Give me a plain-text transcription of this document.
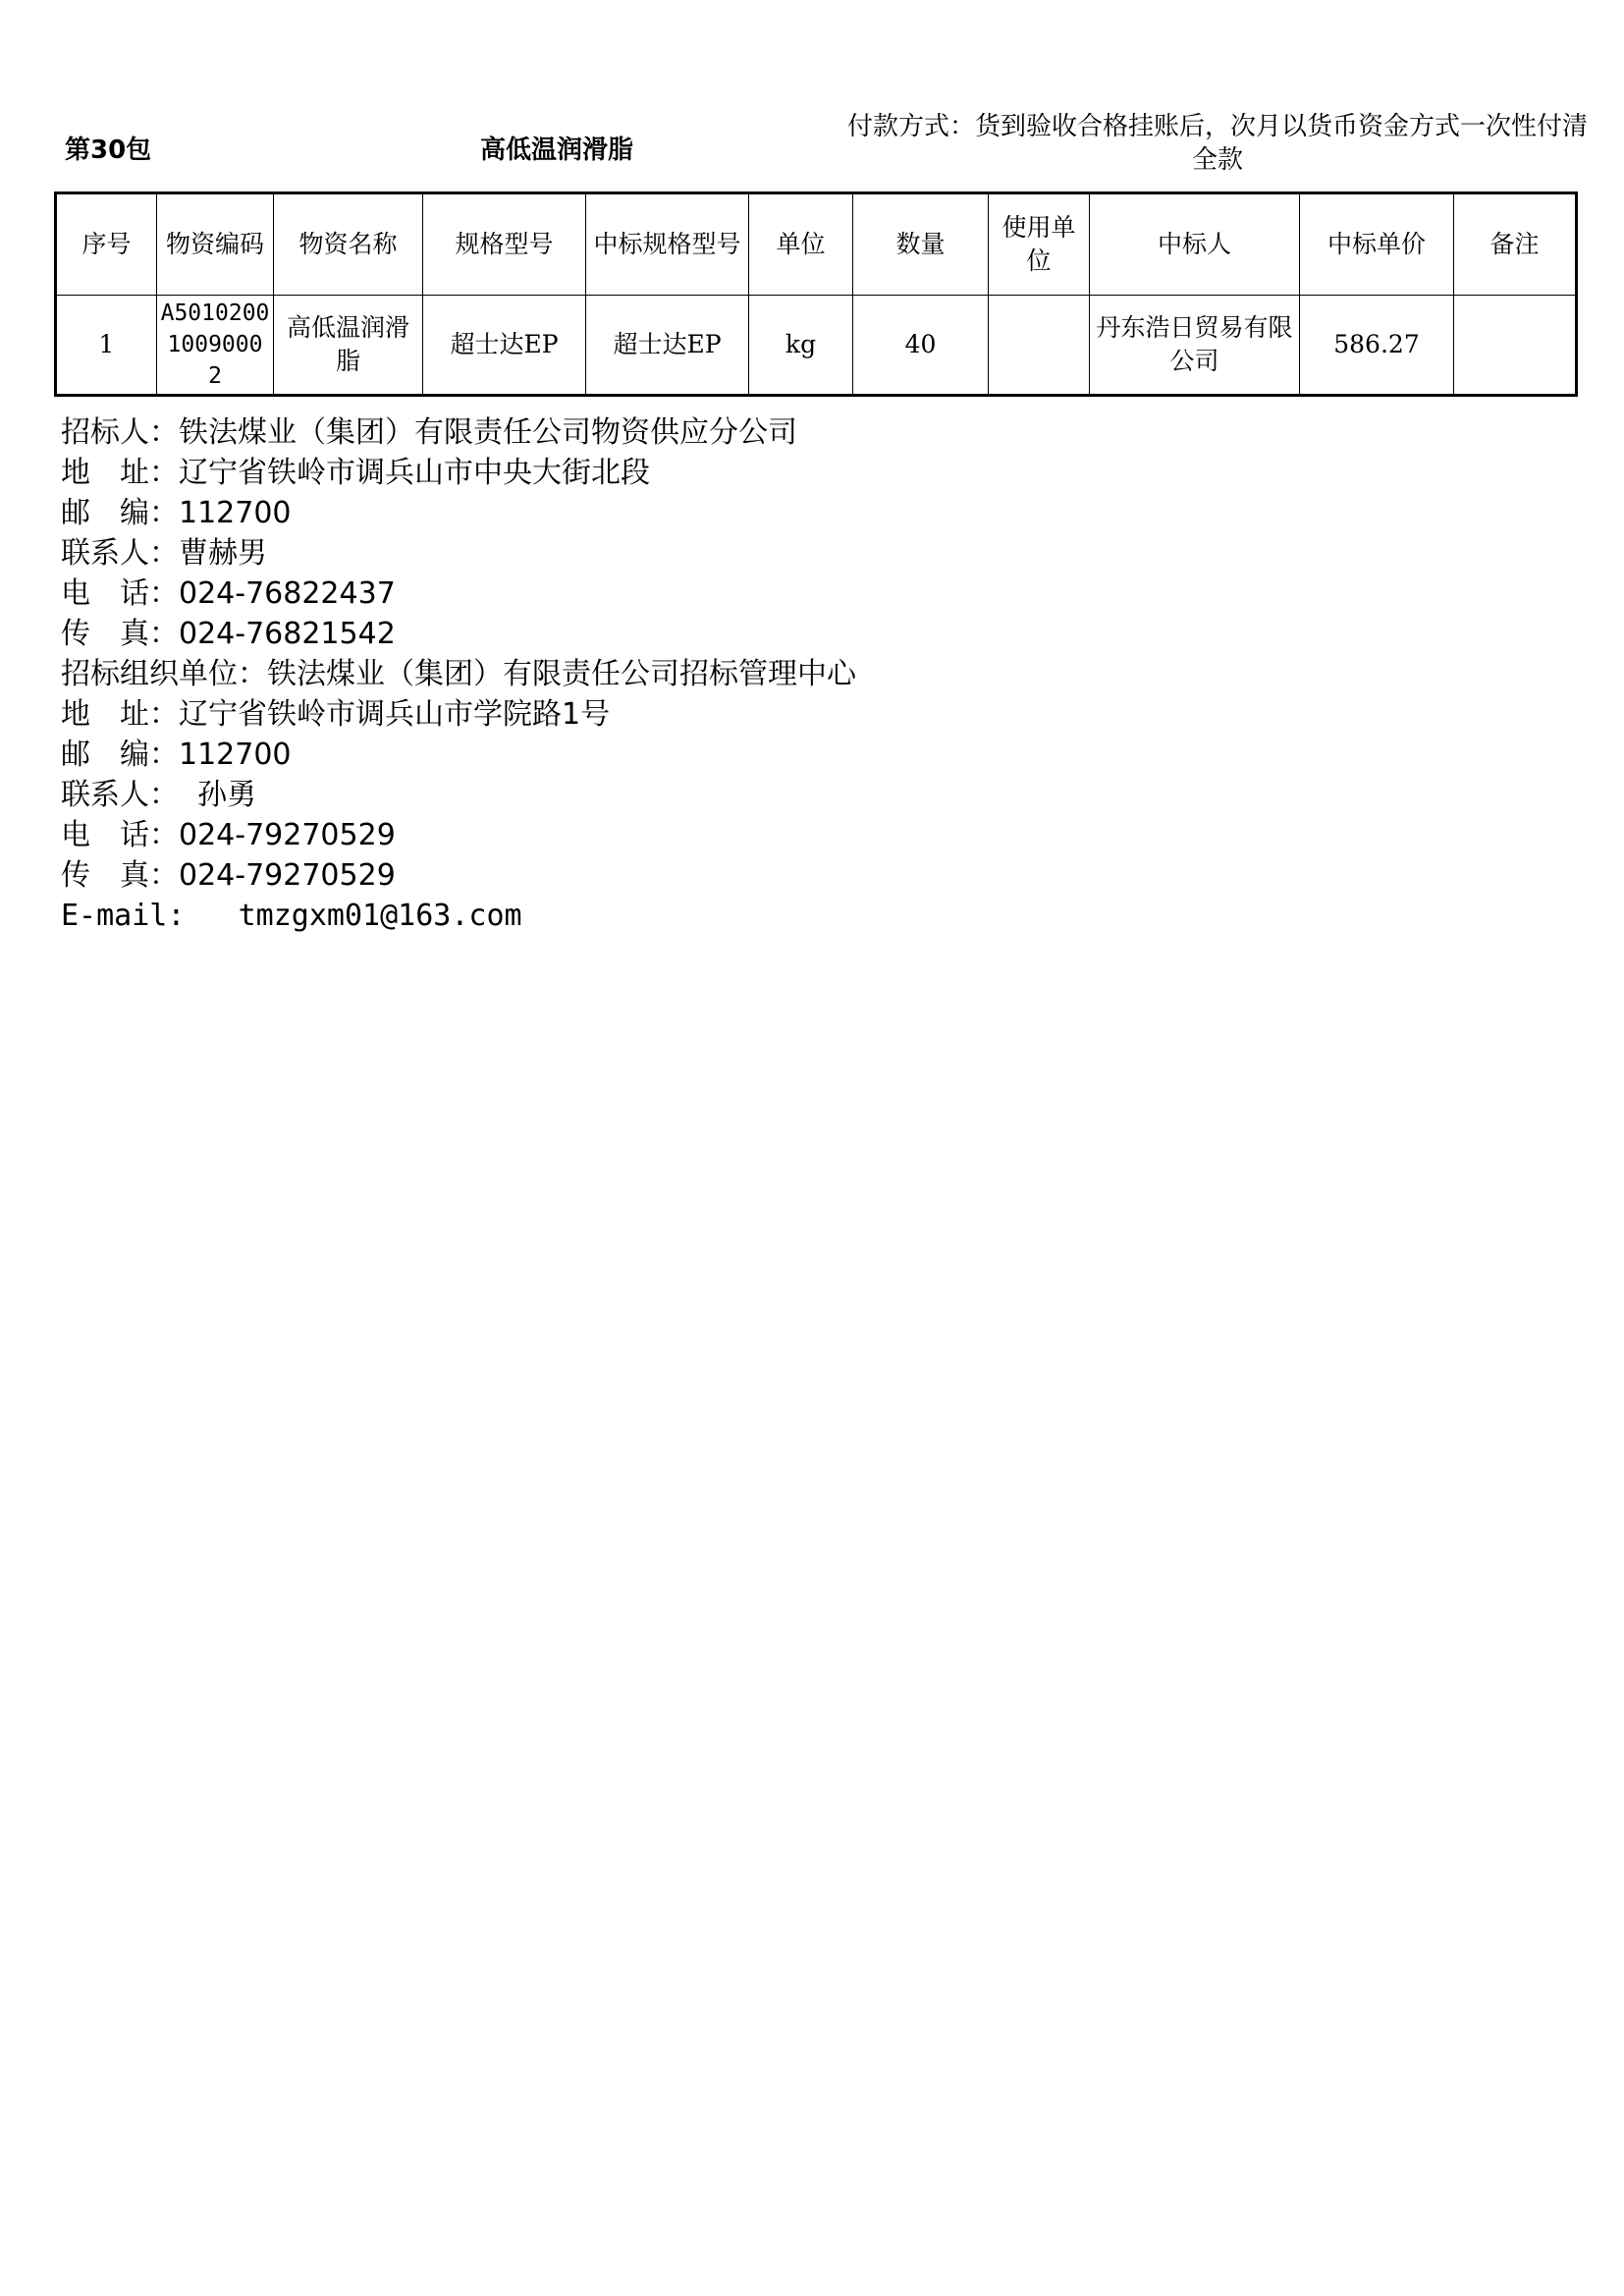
第30包	高低温润滑脂
付款方式：货到验收合格挂账后，次月以货币资金方式一次性付清全款
序号	物资编码	物资名称	规格型号	中标规格型号	单位	数量	使用单位	中标人	中标单价	备注
1	A50102001009000 2	高低温润滑脂	超士达EP	超士达EP	kg	40		丹东浩日贸易有限公司	586.27	
招标人：铁法煤业（集团）有限责任公司物资供应分公司
地　址：辽宁省铁岭市调兵山市中央大街北段
邮　编：112700
联系人：曹赫男
电　话：024-76822437
传　真：024-76821542
招标组织单位：铁法煤业（集团）有限责任公司招标管理中心
地　址：辽宁省铁岭市调兵山市学院路1号
邮　编：112700
联系人：  孙勇
电　话：024-79270529
传　真：024-79270529
E-mail:   tmzgxm01@163.com
